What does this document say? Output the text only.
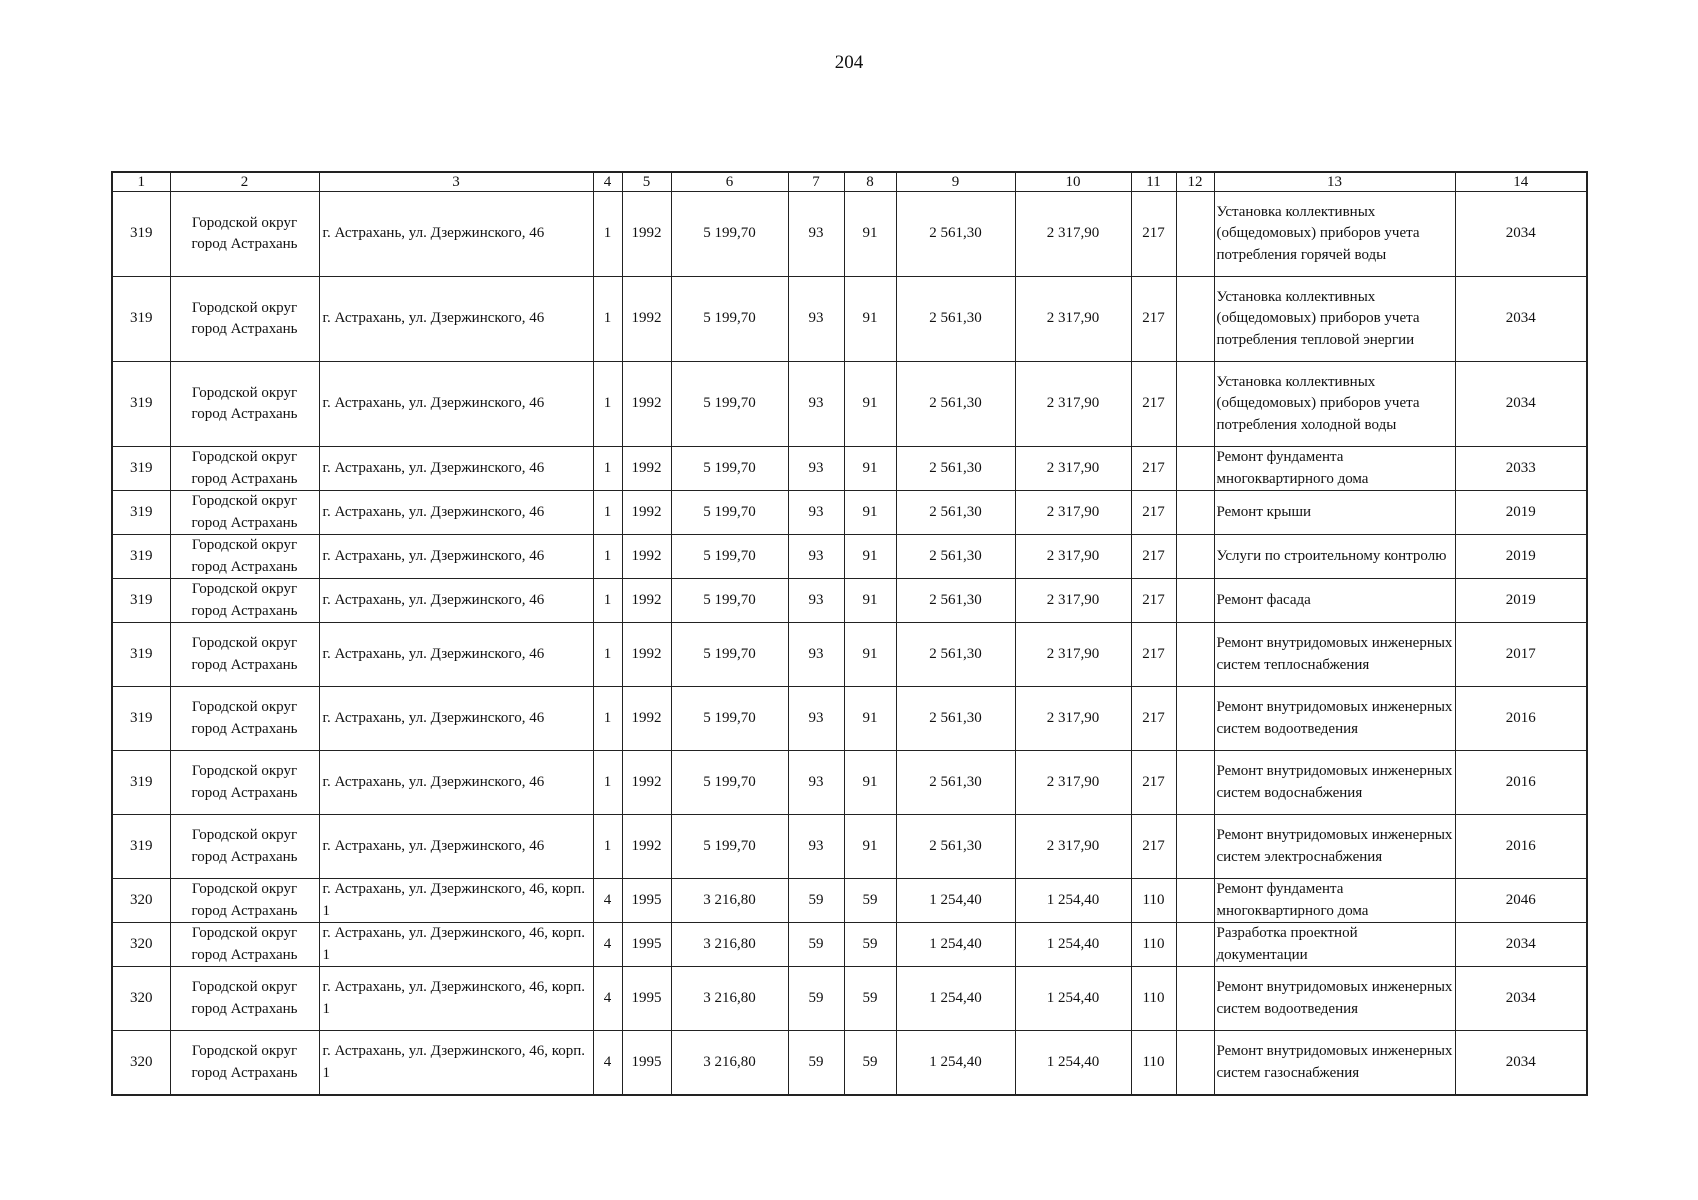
204
1	2	3	4	5	6	7	8	9	10	11	12	13	14
319	Городской округ город Астрахань	г. Астрахань, ул. Дзержинского, 46	1	1992	5 199,70	93	91	2 561,30	2 317,90	217		Установка коллективных (общедомовых) приборов учета потребления горячей воды	2034
319	Городской округ город Астрахань	г. Астрахань, ул. Дзержинского, 46	1	1992	5 199,70	93	91	2 561,30	2 317,90	217		Установка коллективных (общедомовых) приборов учета потребления тепловой энергии	2034
319	Городской округ город Астрахань	г. Астрахань, ул. Дзержинского, 46	1	1992	5 199,70	93	91	2 561,30	2 317,90	217		Установка коллективных (общедомовых) приборов учета потребления холодной воды	2034
319	Городской округ город Астрахань	г. Астрахань, ул. Дзержинского, 46	1	1992	5 199,70	93	91	2 561,30	2 317,90	217		Ремонт фундамента многоквартирного дома	2033
319	Городской округ город Астрахань	г. Астрахань, ул. Дзержинского, 46	1	1992	5 199,70	93	91	2 561,30	2 317,90	217		Ремонт крыши	2019
319	Городской округ город Астрахань	г. Астрахань, ул. Дзержинского, 46	1	1992	5 199,70	93	91	2 561,30	2 317,90	217		Услуги по строительному контролю	2019
319	Городской округ город Астрахань	г. Астрахань, ул. Дзержинского, 46	1	1992	5 199,70	93	91	2 561,30	2 317,90	217		Ремонт фасада	2019
319	Городской округ город Астрахань	г. Астрахань, ул. Дзержинского, 46	1	1992	5 199,70	93	91	2 561,30	2 317,90	217		Ремонт внутридомовых инженерных систем теплоснабжения	2017
319	Городской округ город Астрахань	г. Астрахань, ул. Дзержинского, 46	1	1992	5 199,70	93	91	2 561,30	2 317,90	217		Ремонт внутридомовых инженерных систем водоотведения	2016
319	Городской округ город Астрахань	г. Астрахань, ул. Дзержинского, 46	1	1992	5 199,70	93	91	2 561,30	2 317,90	217		Ремонт внутридомовых инженерных систем водоснабжения	2016
319	Городской округ город Астрахань	г. Астрахань, ул. Дзержинского, 46	1	1992	5 199,70	93	91	2 561,30	2 317,90	217		Ремонт внутридомовых инженерных систем электроснабжения	2016
320	Городской округ город Астрахань	г. Астрахань, ул. Дзержинского, 46, корп. 1	4	1995	3 216,80	59	59	1 254,40	1 254,40	110		Ремонт фундамента многоквартирного дома	2046
320	Городской округ город Астрахань	г. Астрахань, ул. Дзержинского, 46, корп. 1	4	1995	3 216,80	59	59	1 254,40	1 254,40	110		Разработка проектной документации	2034
320	Городской округ город Астрахань	г. Астрахань, ул. Дзержинского, 46, корп. 1	4	1995	3 216,80	59	59	1 254,40	1 254,40	110		Ремонт внутридомовых инженерных систем водоотведения	2034
320	Городской округ город Астрахань	г. Астрахань, ул. Дзержинского, 46, корп. 1	4	1995	3 216,80	59	59	1 254,40	1 254,40	110		Ремонт внутридомовых инженерных систем газоснабжения	2034
